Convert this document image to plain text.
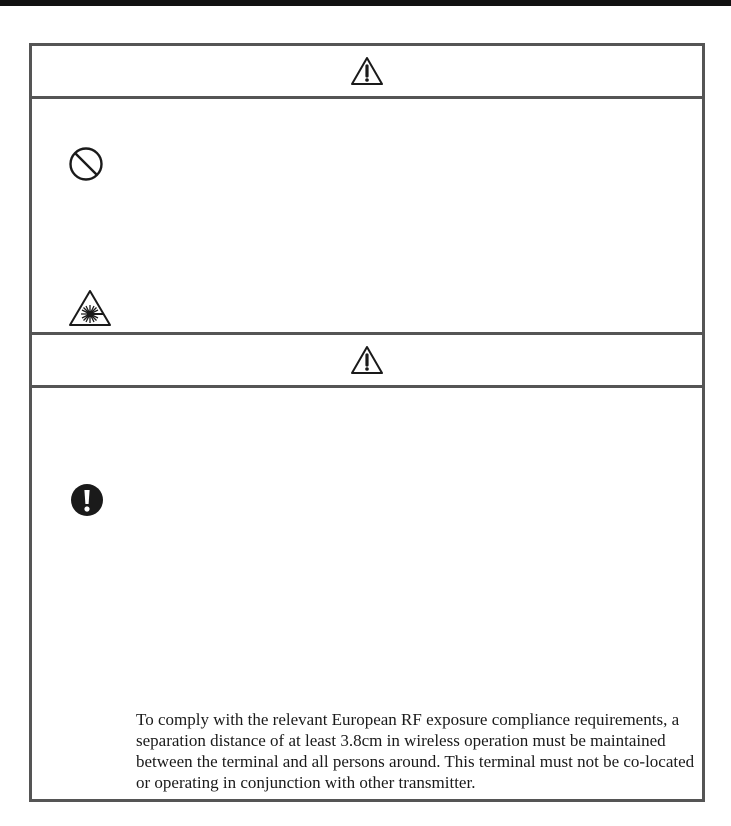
To comply with the relevant European RF exposure compliance requirements, a separation distance of at least 3.8cm in wireless operation must be maintained between the terminal and all persons around. This terminal must not be co-located or operating in conjunction with other transmitter.
